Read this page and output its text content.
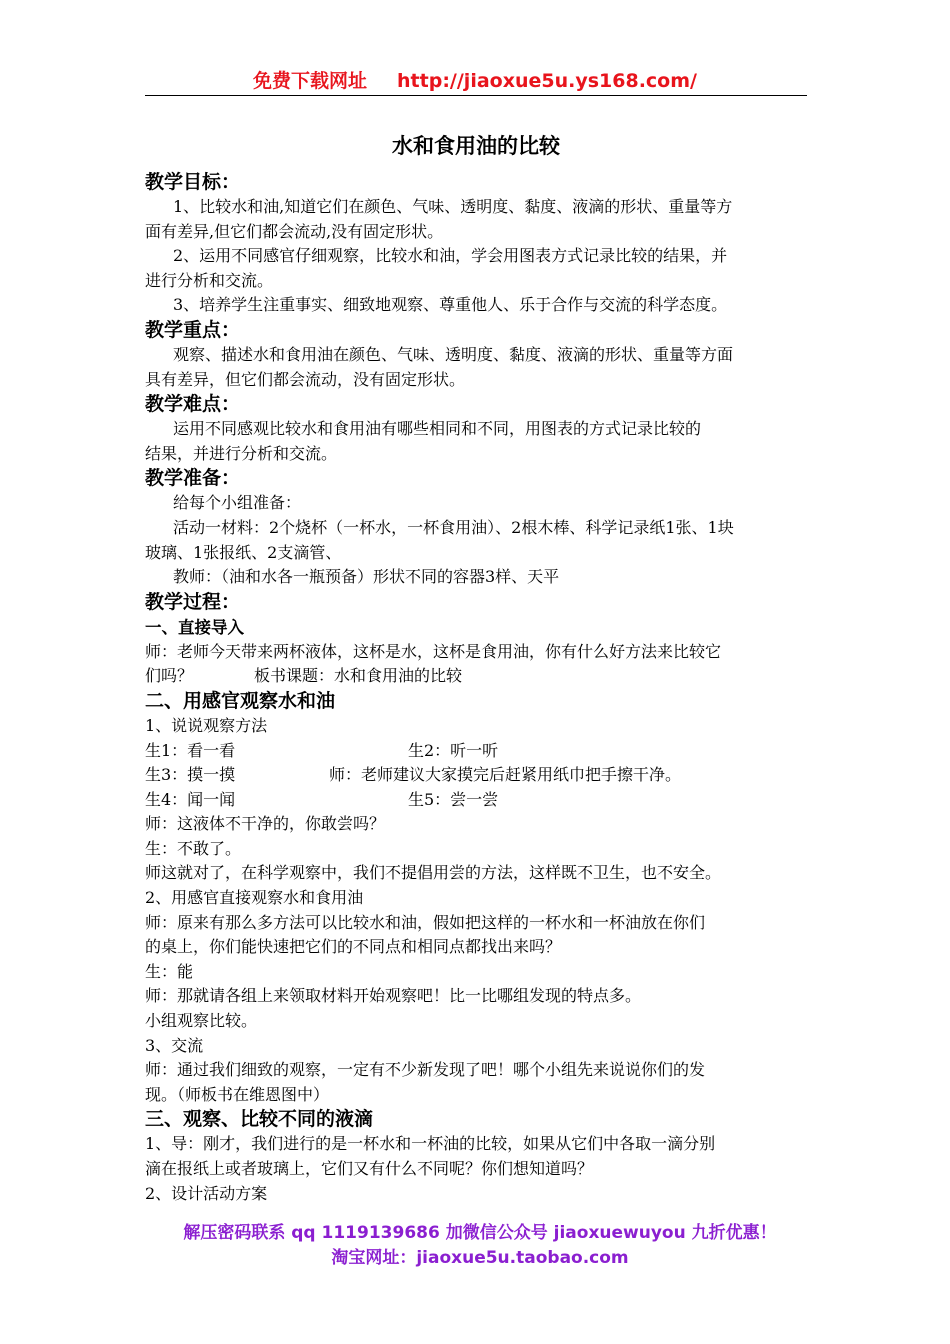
免费下载网址 http://jiaoxue5u.ys168.com/
水和食用油的比较

教学目标：

1、比较水和油,知道它们在颜色、气味、透明度、黏度、液滴的形状、重量等方

面有差异,但它们都会流动,没有固定形状。

2、运用不同感官仔细观察，比较水和油，学会用图表方式记录比较的结果，并

进行分析和交流。

3、培养学生注重事实、细致地观察、尊重他人、乐于合作与交流的科学态度。

教学重点：

观察、描述水和食用油在颜色、气味、透明度、黏度、液滴的形状、重量等方面

具有差异，但它们都会流动，没有固定形状。

教学难点：

运用不同感观比较水和食用油有哪些相同和不同，用图表的方式记录比较的

结果，并进行分析和交流。

教学准备：

给每个小组准备：

活动一材料：2个烧杯（一杯水，一杯食用油）、2根木棒、科学记录纸1张、1块

玻璃、1张报纸、2支滴管、

教师：（油和水各一瓶预备）形状不同的容器3样、天平

教学过程：

一、直接导入

师：老师今天带来两杯液体，这杯是水，这杯是食用油，你有什么好方法来比较它

们吗？	板书课题：水和食用油的比较

二、用感官观察水和油

1、说说观察方法

生1：看一看	生2：听一听
生3：摸一摸	师：老师建议大家摸完后赶紧用纸巾把手擦干净。
生4：闻一闻	生5：尝一尝

师：这液体不干净的，你敢尝吗？

生：不敢了。

师这就对了，在科学观察中，我们不提倡用尝的方法，这样既不卫生，也不安全。

2、用感官直接观察水和食用油

师：原来有那么多方法可以比较水和油，假如把这样的一杯水和一杯油放在你们

的桌上，你们能快速把它们的不同点和相同点都找出来吗？

生：能

师：那就请各组上来领取材料开始观察吧！比一比哪组发现的特点多。

小组观察比较。

3、交流

师：通过我们细致的观察，一定有不少新发现了吧！哪个小组先来说说你们的发

现。（师板书在维恩图中）

三、观察、比较不同的液滴

1、导：刚才，我们进行的是一杯水和一杯油的比较，如果从它们中各取一滴分别

滴在报纸上或者玻璃上，它们又有什么不同呢？你们想知道吗？

2、设计活动方案

解压密码联系 qq 1119139686 加微信公众号 jiaoxuewuyou 九折优惠！
淘宝网址：jiaoxue5u.taobao.com
